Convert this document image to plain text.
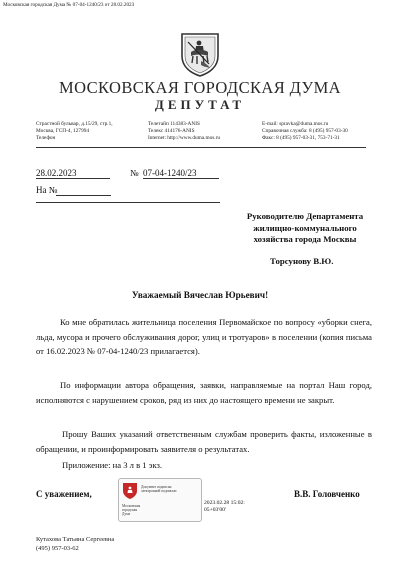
Московская городская Дума № 07-04-1240/23 от 28.02.2023
МОСКОВСКАЯ ГОРОДСКАЯ ДУМА
ДЕПУТАТ
Страстной бульвар, д.15/29, стр.1,
Москва, ГСП-4, 127994
Телефон
Телетайп 114383-ANIS
Телекс 414176-ANIS
Internet: http://www.duma.mos.ru
E-mail: spravka@duma.mos.ru
Справочная служба: 8 (495) 957-03-30
Факс: 8 (495) 957-03-31, 753-71-31
28.02.2023	№ 07-04-1240/23
На №
Руководителю Департамента
жилищно-коммунального
хозяйства города Москвы
Торсунову В.Ю.
Уважаемый Вячеслав Юрьевич!
Ко мне обратилась жительница поселения Первомайское по вопросу «уборки снега, льда, мусора и прочего обслуживания дорог, улиц и тротуаров» в поселении (копия письма от 16.02.2023 № 07-04-1240/23 прилагается).
По информации автора обращения, заявки, направляемые на портал Наш город, исполняются с нарушением сроков, ряд из них до настоящего времени не закрыт.
Прошу Ваших указаний ответственным службам проверить факты, изложенные в обращении, и проинформировать заявителя о результатах.
Приложение: на 3 л в 1 экз.
С уважением,	В.В. Головченко
Документ подписан
электронной подписью
Московская
городская
Дума
2023.02.28 15:02:
05+03'00'
Кутахова Татьяна Сергеевна
(495) 957-03-62
